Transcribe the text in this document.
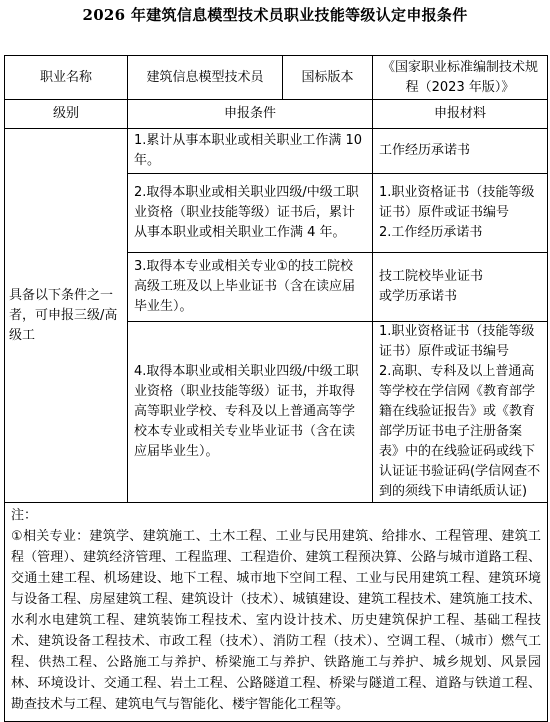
2026 年建筑信息模型技术员职业技能等级认定申报条件
职业名称	建筑信息模型技术员	国标版本	《国家职业标准编制技术规程（2023 年版）》
级别	申报条件		申报材料
具备以下条件之一者，可申报三级/高级工	1.累计从事本职业或相关职业工作满 10 年。		工作经历承诺书
	2.取得本职业或相关职业四级/中级工职业资格（职业技能等级）证书后，累计从事本职业或相关职业工作满 4 年。		1.职业资格证书（技能等级证书）原件或证书编号
2.工作经历承诺书
	3.取得本专业或相关专业①的技工院校高级工班及以上毕业证书（含在读应届毕业生）。		技工院校毕业证书
或学历承诺书
	4.取得本职业或相关职业四级/中级工职业资格（职业技能等级）证书，并取得高等职业学校、专科及以上普通高等学校本专业或相关专业毕业证书（含在读应届毕业生）。		1.职业资格证书（技能等级证书）原件或证书编号
2.高职、专科及以上普通高等学校在学信网《教育部学籍在线验证报告》或《教育部学历证书电子注册备案表》中的在线验证码或线下认证证书验证码(学信网查不到的须线下申请纸质认证)

注：
①相关专业：建筑学、建筑施工、土木工程、工业与民用建筑、给排水、工程管理、建筑工程（管理）、建筑经济管理、工程监理、工程造价、建筑工程预决算、公路与城市道路工程、交通土建工程、机场建设、地下工程、城市地下空间工程、工业与民用建筑工程、建筑环境与设备工程、房屋建筑工程、建筑设计（技术）、城镇建设、建筑工程技术、建筑施工技术、水利水电建筑工程、建筑装饰工程技术、室内设计技术、历史建筑保护工程、基础工程技术、建筑设备工程技术、市政工程（技术）、消防工程（技术）、空调工程、（城市）燃气工程、供热工程、公路施工与养护、桥梁施工与养护、铁路施工与养护、城乡规划、风景园林、环境设计、交通工程、岩土工程、公路隧道工程、桥梁与隧道工程、道路与铁道工程、勘查技术与工程、建筑电气与智能化、楼宇智能化工程等。			
